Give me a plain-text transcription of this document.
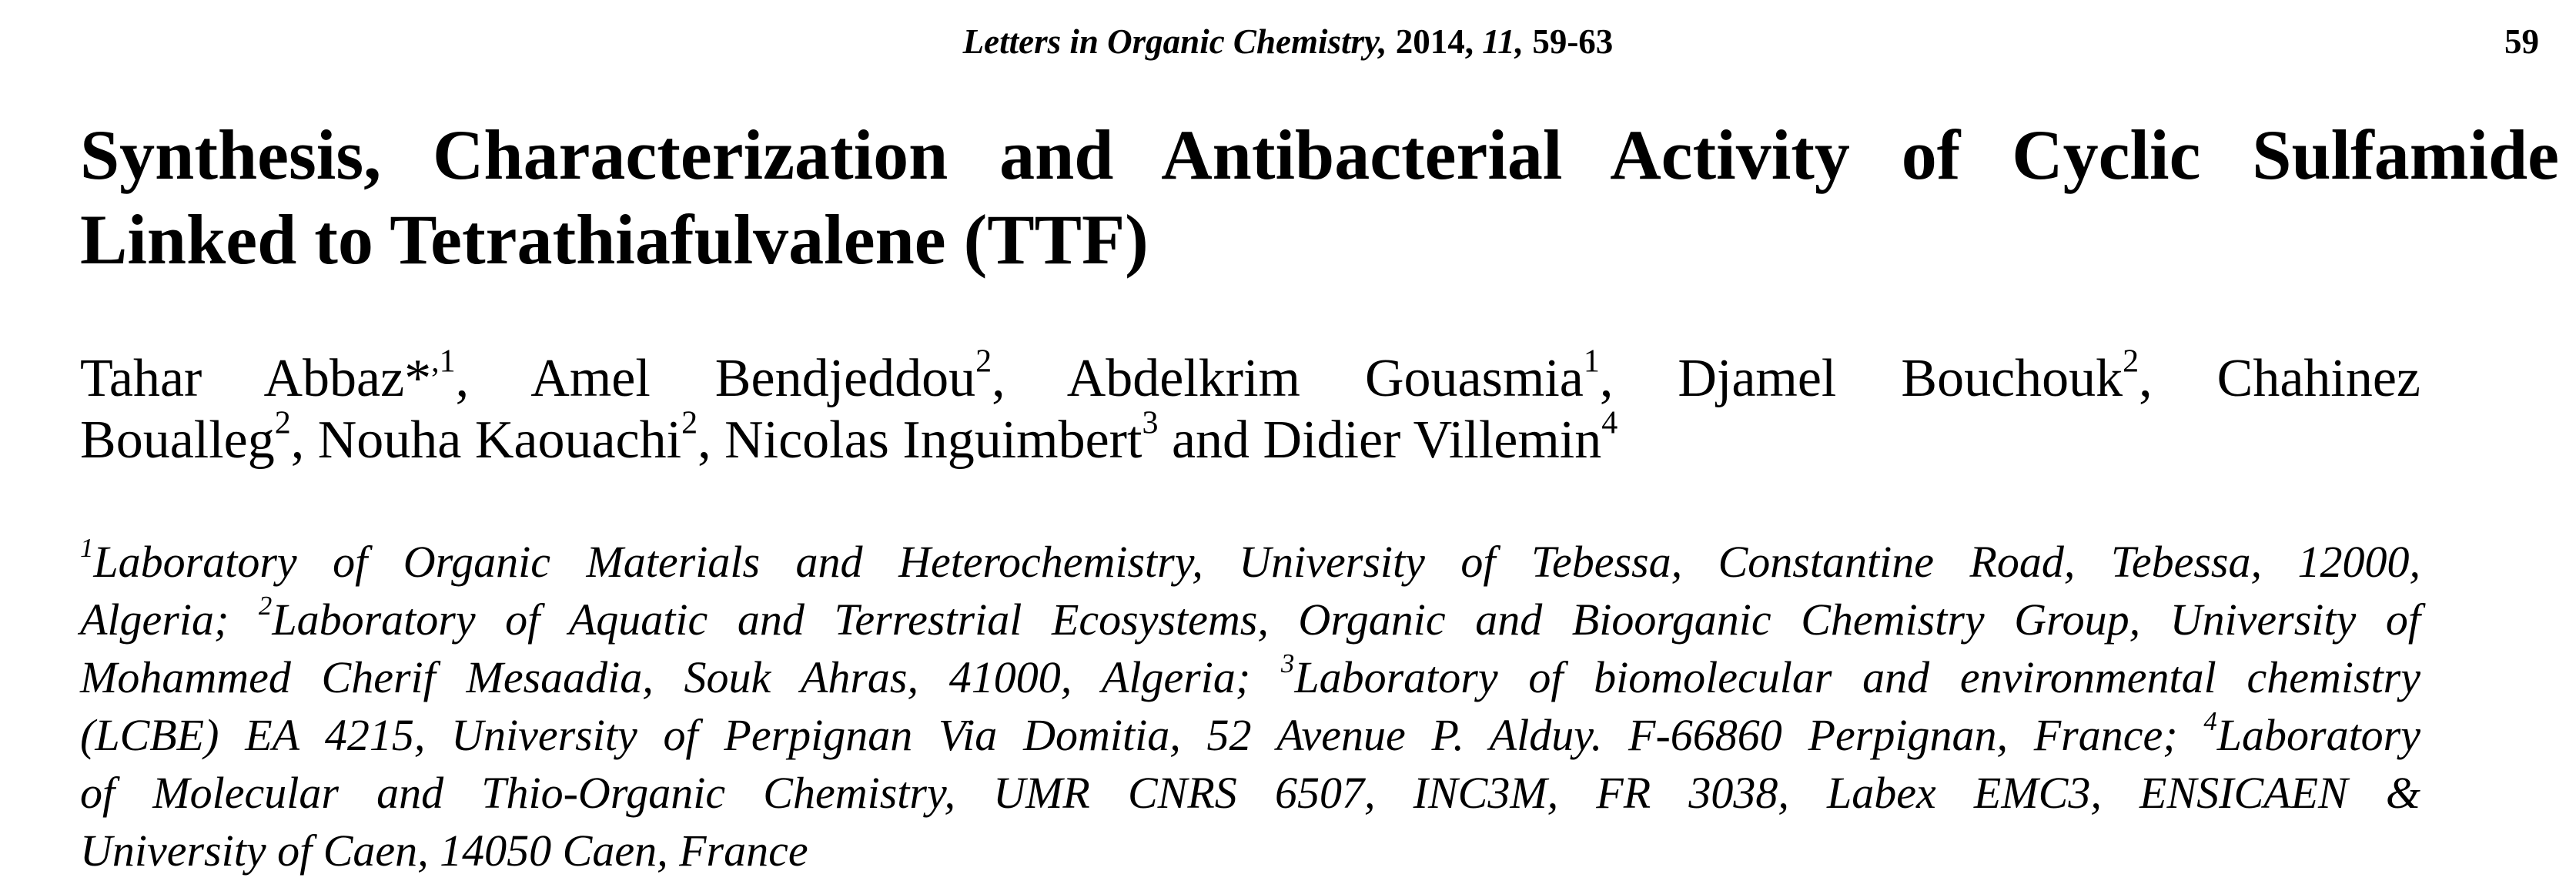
Letters in Organic Chemistry, 2014, 11, 59-63	59
Synthesis, Characterization and Antibacterial Activity of Cyclic Sulfamide
Linked to Tetrathiafulvalene (TTF)
Tahar Abbaz*$^{,1}$, Amel Bendjeddou$^2$, Abdelkrim Gouasmia$^1$, Djamel Bouchouk$^2$, Chahinez
Boualleg$^2$, Nouha Kaouachi$^2$, Nicolas Inguimbert$^3$ and Didier Villemin$^4$
$^1$Laboratory of Organic Materials and Heterochemistry, University of Tebessa, Constantine Road, Tebessa, 12000,
Algeria; $^2$Laboratory of Aquatic and Terrestrial Ecosystems, Organic and Bioorganic Chemistry Group, University of
Mohammed Cherif Mesaadia, Souk Ahras, 41000, Algeria; $^3$Laboratory of biomolecular and environmental chemistry
(LCBE) EA 4215, University of Perpignan Via Domitia, 52 Avenue P. Alduy. F-66860 Perpignan, France; $^4$Laboratory
of Molecular and Thio-Organic Chemistry, UMR CNRS 6507, INC3M, FR 3038, Labex EMC3, ENSICAEN &
University of Caen, 14050 Caen, France
